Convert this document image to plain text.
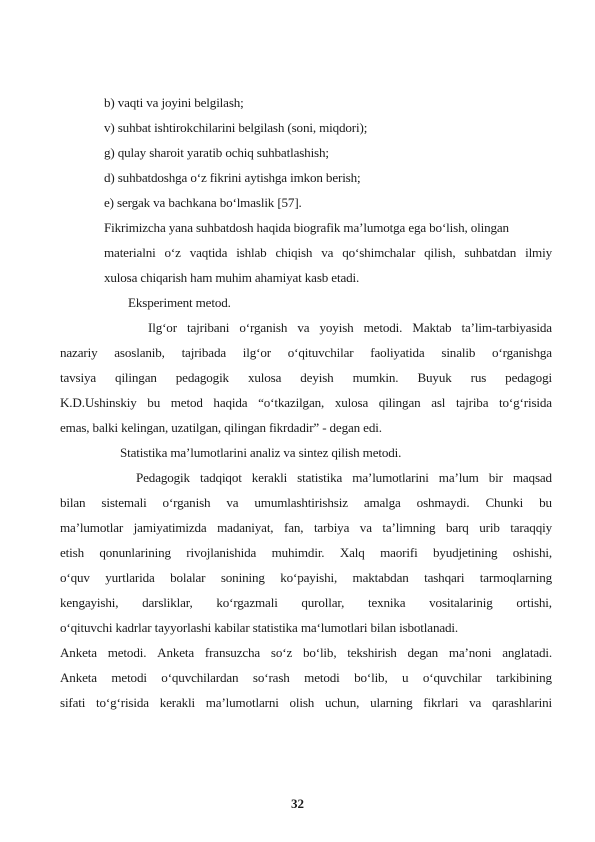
b) vaqti va joyini belgilash;
v) suhbat ishtirokchilarini belgilash (soni, miqdori);
g) qulay sharoit yaratib ochiq suhbatlashish;
d) suhbatdoshga o‘z fikrini aytishga imkon berish;
e) sergak va bachkana bo‘lmaslik [57].
Fikrimizcha yana suhbatdosh haqida biografik ma’lumotga ega bo‘lish, olingan
materialni o‘z vaqtida ishlab chiqish va qo‘shimchalar qilish, suhbatdan ilmiy
xulosa chiqarish ham muhim ahamiyat kasb etadi.
Eksperiment metod.
Ilg‘or tajribani o‘rganish va yoyish metodi. Maktab ta’lim-tarbiyasida
nazariy asoslanib, tajribada ilg‘or o‘qituvchilar faoliyatida sinalib o‘rganishga
tavsiya qilingan pedagogik xulosa deyish mumkin. Buyuk rus pedagogi
K.D.Ushinskiy bu metod haqida “o‘tkazilgan, xulosa qilingan asl tajriba to‘g‘risida
emas, balki kelingan, uzatilgan, qilingan fikrdadir” - degan edi.
Statistika ma’lumotlarini analiz va sintez qilish metodi.
Pedagogik tadqiqot kerakli statistika ma’lumotlarini ma’lum bir maqsad
bilan sistemali o‘rganish va umumlashtirishsiz amalga oshmaydi. Chunki bu
ma’lumotlar jamiyatimizda madaniyat, fan, tarbiya va ta’limning barq urib taraqqiy
etish qonunlarining rivojlanishida muhimdir. Xalq maorifi byudjetining oshishi,
o‘quv yurtlarida bolalar sonining ko‘payishi, maktabdan tashqari tarmoqlarning
kengayishi, darsliklar, ko‘rgazmali qurollar, texnika vositalarinig ortishi,
o‘qituvchi kadrlar tayyorlashi kabilar statistika ma‘lumotlari bilan isbotlanadi.
Anketa metodi. Anketa fransuzcha so‘z bo‘lib, tekshirish degan ma’noni anglatadi.
Anketa metodi o‘quvchilardan so‘rash metodi bo‘lib, u o‘quvchilar tarkibining
sifati to‘g‘risida kerakli ma’lumotlarni olish uchun, ularning fikrlari va qarashlarini
32
